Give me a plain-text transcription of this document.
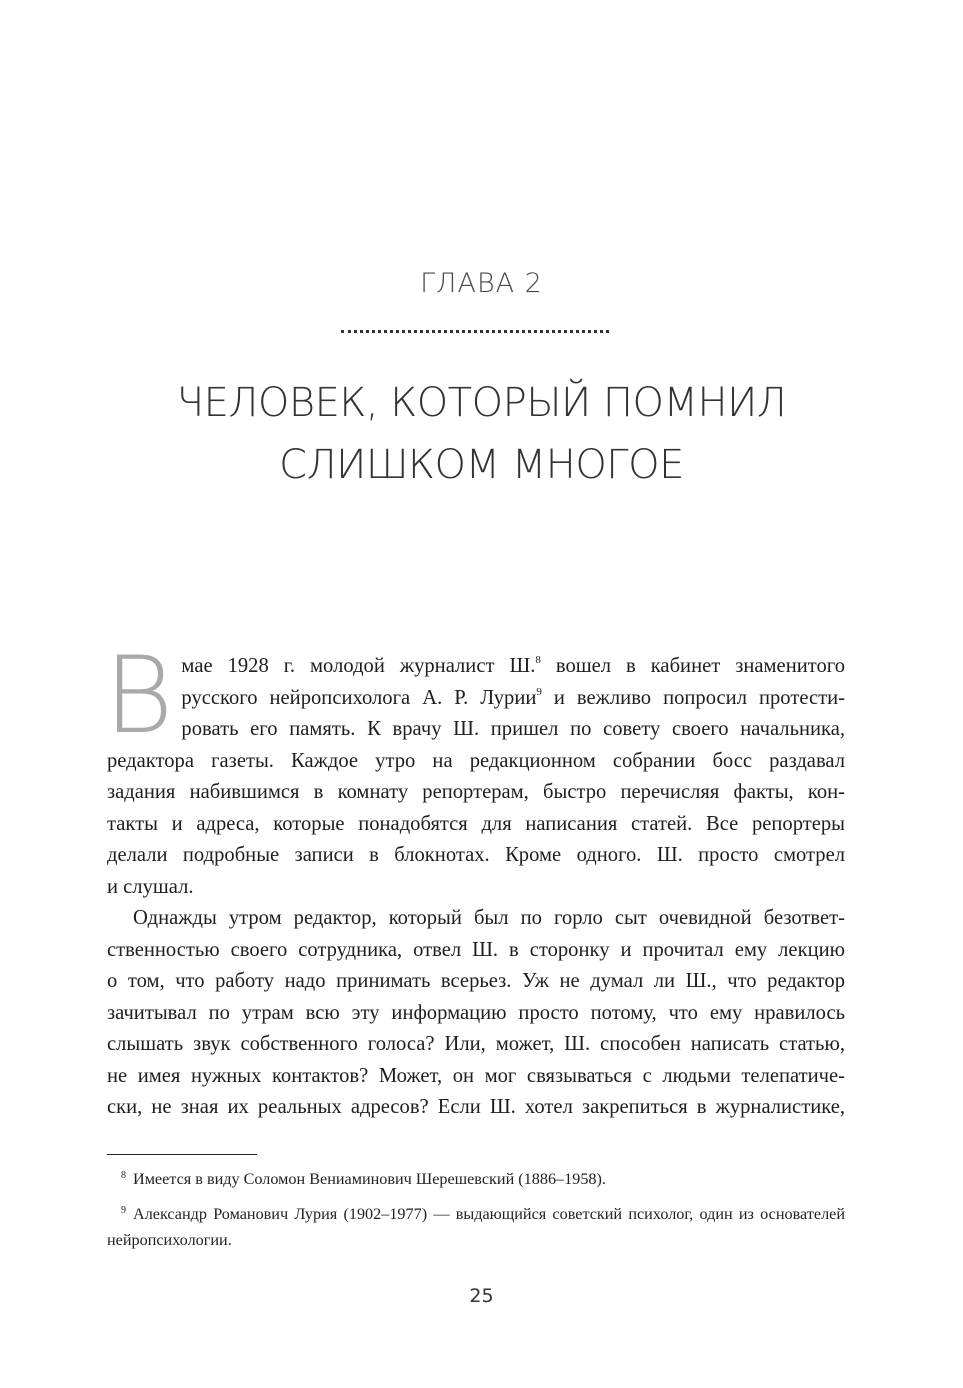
ГЛАВА 2
ЧЕЛОВЕК, КОТОРЫЙ ПОМНИЛ
СЛИШКОМ МНОГОЕ
В мае 1928 г. молодой журналист Ш.$^8$ вошел в кабинет знаменитого
русского нейропсихолога А. Р. Лурии$^9$ и вежливо попросил протести-
ровать его память. К врачу Ш. пришел по совету своего начальника,
редактора газеты. Каждое утро на редакционном собрании босс раздавал
задания набившимся в комнату репортерам, быстро перечисляя факты, кон-
такты и адреса, которые понадобятся для написания статей. Все репортеры
делали подробные записи в блокнотах. Кроме одного. Ш. просто смотрел
и слушал.
Однажды утром редактор, который был по горло сыт очевидной безответ-
ственностью своего сотрудника, отвел Ш. в сторонку и прочитал ему лекцию
о том, что работу надо принимать всерьез. Уж не думал ли Ш., что редактор
зачитывал по утрам всю эту информацию просто потому, что ему нравилось
слышать звук собственного голоса? Или, может, Ш. способен написать статью,
не имея нужных контактов? Может, он мог связываться с людьми телепатиче-
ски, не зная их реальных адресов? Если Ш. хотел закрепиться в журналистике,

$^8$ Имеется в виду Соломон Вениаминович Шерешевский (1886–1958).

$^9$ Александр Романович Лурия (1902–1977) — выдающийся советский психолог, один из основателей нейропсихологии.

25
